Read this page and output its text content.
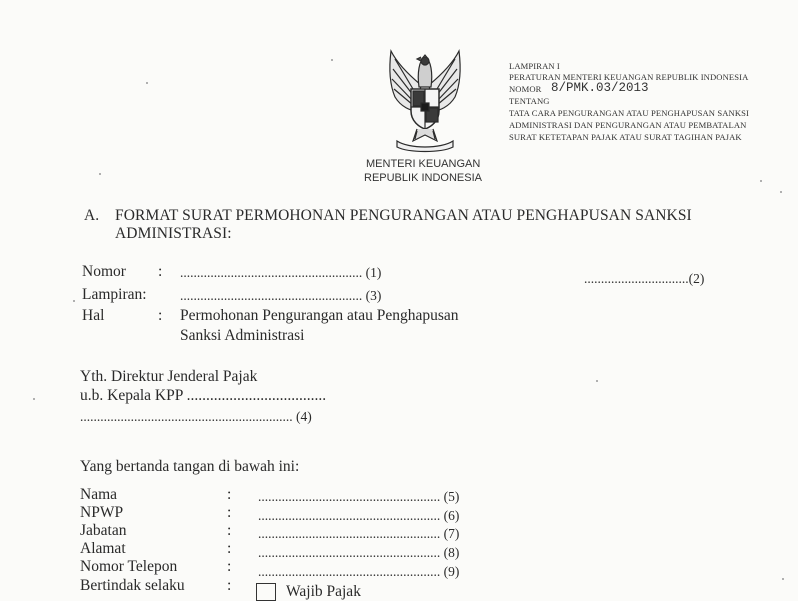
LAMPIRAN I
PERATURAN MENTERI KEUANGAN REPUBLIK INDONESIA
NOMOR 8/PMK.03/2013
TENTANG
TATA CARA PENGURANGAN ATAU PENGHAPUSAN SANKSI
ADMINISTRASI DAN PENGURANGAN ATAU PEMBATALAN
SURAT KETETAPAN PAJAK ATAU SURAT TAGIHAN PAJAK
MENTERI KEUANGAN
REPUBLIK INDONESIA
A. FORMAT SURAT PERMOHONAN PENGURANGAN ATAU PENGHAPUSAN SANKSI
ADMINISTRASI:
Nomor : ...................................................... (1)	...............................(2)
Lampiran: ...................................................... (3)
Hal	: Permohonan Pengurangan atau Penghapusan
Sanksi Administrasi
Yth. Direktur Jenderal Pajak
u.b. Kepala KPP ....................................
............................................................... (4)
Yang bertanda tangan di bawah ini:
Nama	: ...................................................... (5)
NPWP	: ...................................................... (6)
Jabatan	: ...................................................... (7)
Alamat	: ...................................................... (8)
Nomor Telepon	: ...................................................... (9)
Bertindak selaku	:	Wajib Pajak
